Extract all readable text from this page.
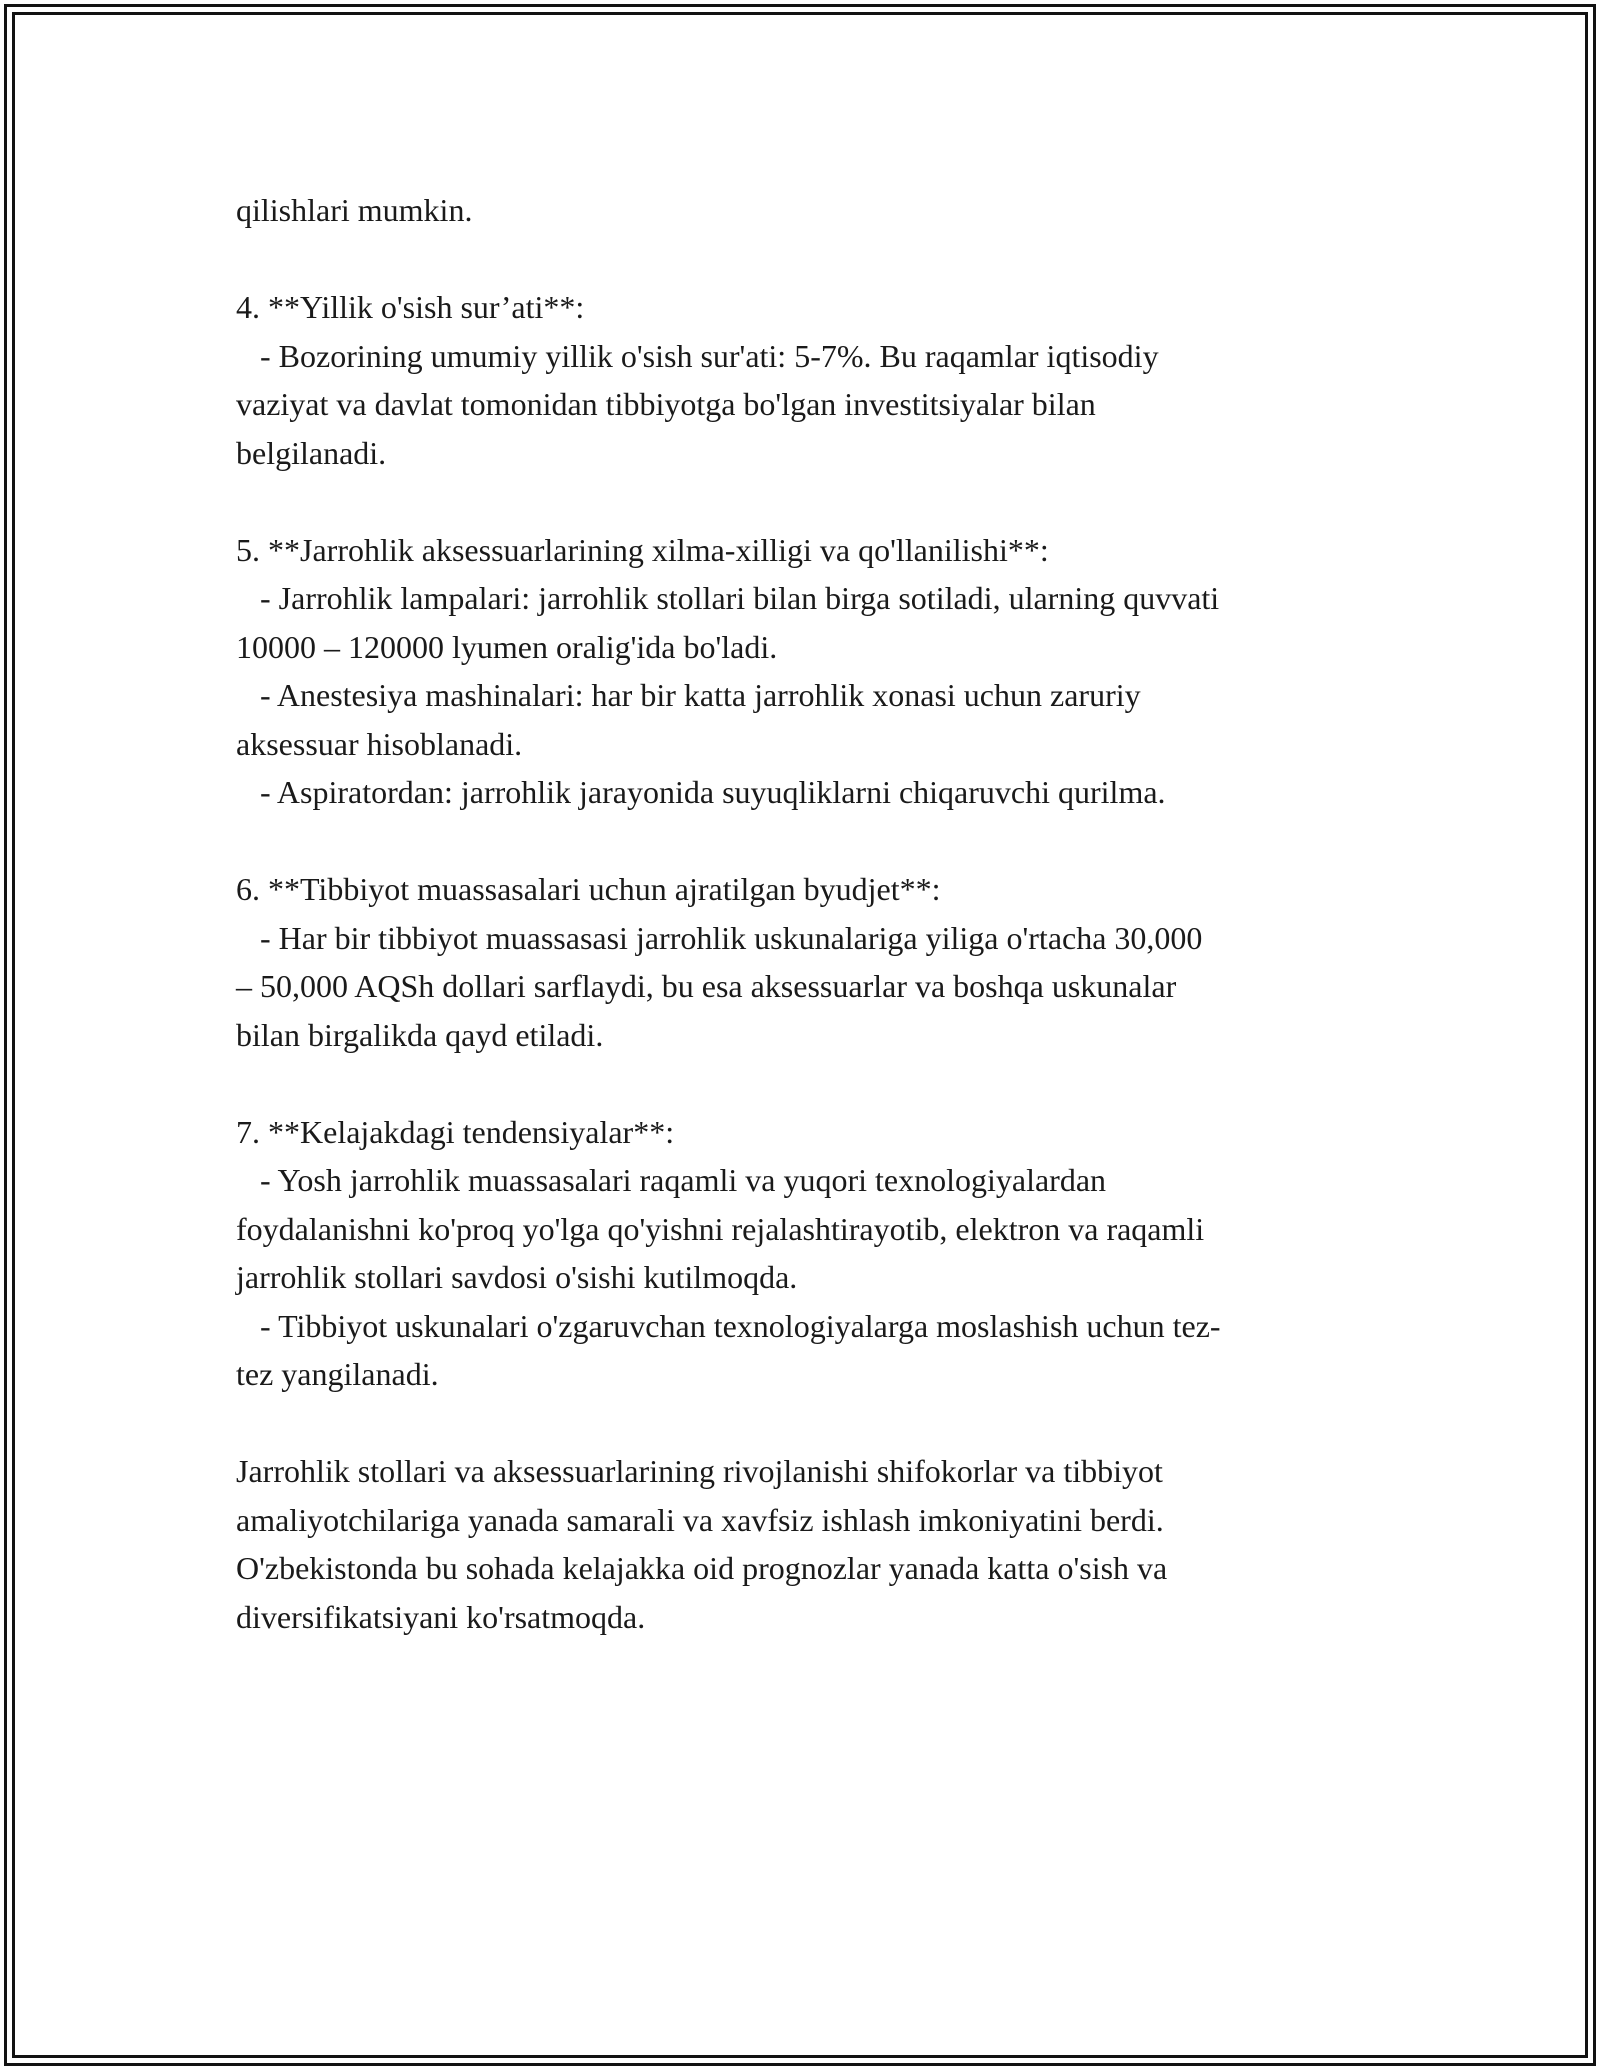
qilishlari mumkin.
4. **Yillik o'sish sur’ati**:
- Bozorining umumiy yillik o'sish sur'ati: 5-7%. Bu raqamlar iqtisodiy
vaziyat va davlat tomonidan tibbiyotga bo'lgan investitsiyalar bilan
belgilanadi.
5. **Jarrohlik aksessuarlarining xilma-xilligi va qo'llanilishi**:
- Jarrohlik lampalari: jarrohlik stollari bilan birga sotiladi, ularning quvvati
10000 – 120000 lyumen oralig'ida bo'ladi.
- Anestesiya mashinalari: har bir katta jarrohlik xonasi uchun zaruriy
aksessuar hisoblanadi.
- Aspiratordan: jarrohlik jarayonida suyuqliklarni chiqaruvchi qurilma.
6. **Tibbiyot muassasalari uchun ajratilgan byudjet**:
- Har bir tibbiyot muassasasi jarrohlik uskunalariga yiliga o'rtacha 30,000
– 50,000 AQSh dollari sarflaydi, bu esa aksessuarlar va boshqa uskunalar
bilan birgalikda qayd etiladi.
7. **Kelajakdagi tendensiyalar**:
- Yosh jarrohlik muassasalari raqamli va yuqori texnologiyalardan
foydalanishni ko'proq yo'lga qo'yishni rejalashtirayotib, elektron va raqamli
jarrohlik stollari savdosi o'sishi kutilmoqda.
- Tibbiyot uskunalari o'zgaruvchan texnologiyalarga moslashish uchun tez-
tez yangilanadi.
Jarrohlik stollari va aksessuarlarining rivojlanishi shifokorlar va tibbiyot
amaliyotchilariga yanada samarali va xavfsiz ishlash imkoniyatini berdi.
O'zbekistonda bu sohada kelajakka oid prognozlar yanada katta o'sish va
diversifikatsiyani ko'rsatmoqda.
